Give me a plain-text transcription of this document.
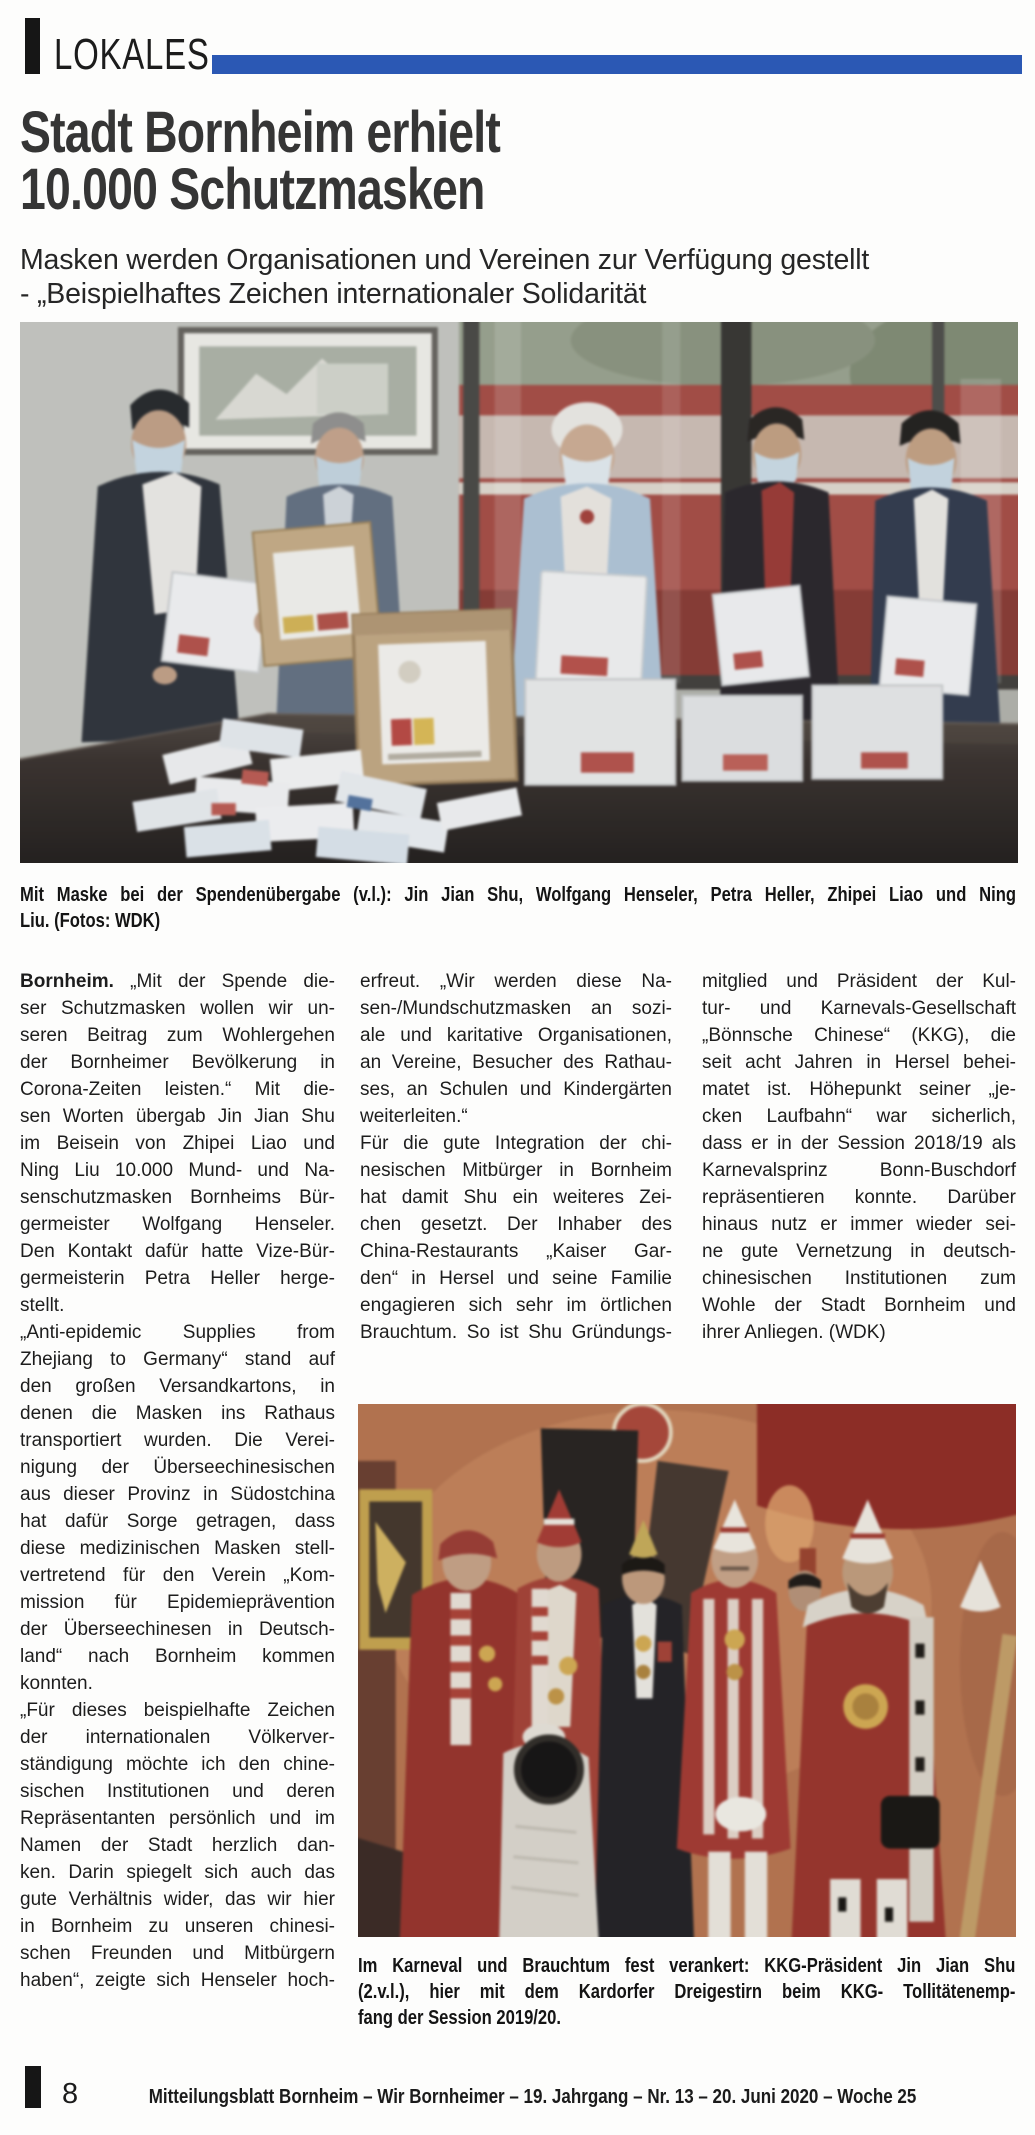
LOKALES
Stadt Bornheim erhielt
10.000 Schutzmasken
Masken werden Organisationen und Vereinen zur Verfügung gestellt
- „Beispielhaftes Zeichen internationaler Solidarität
Mit Maske bei der Spendenübergabe (v.l.): Jin Jian Shu, Wolfgang Henseler, Petra Heller, Zhipei Liao und Ning
Liu. (Fotos: WDK)
Bornheim. „Mit der Spende die-
ser Schutzmasken wollen wir un-
seren Beitrag zum Wohlergehen
der Bornheimer Bevölkerung in
Corona-Zeiten leisten.“ Mit die-
sen Worten übergab Jin Jian Shu
im Beisein von Zhipei Liao und
Ning Liu 10.000 Mund- und Na-
senschutzmasken Bornheims Bür-
germeister Wolfgang Henseler.
Den Kontakt dafür hatte Vize-Bür-
germeisterin Petra Heller herge-
stellt.
„Anti-epidemic Supplies from
Zhejiang to Germany“ stand auf
den großen Versandkartons, in
denen die Masken ins Rathaus
transportiert wurden. Die Verei-
nigung der Überseechinesischen
aus dieser Provinz in Südostchina
hat dafür Sorge getragen, dass
diese medizinischen Masken stell-
vertretend für den Verein „Kom-
mission für Epidemieprävention
der Überseechinesen in Deutsch-
land“ nach Bornheim kommen
konnten.
„Für dieses beispielhafte Zeichen
der internationalen Völkerver-
ständigung möchte ich den chine-
sischen Institutionen und deren
Repräsentanten persönlich und im
Namen der Stadt herzlich dan-
ken. Darin spiegelt sich auch das
gute Verhältnis wider, das wir hier
in Bornheim zu unseren chinesi-
schen Freunden und Mitbürgern
haben“, zeigte sich Henseler hoch-
erfreut. „Wir werden diese Na-
sen-/Mundschutzmasken an sozi-
ale und karitative Organisationen,
an Vereine, Besucher des Rathau-
ses, an Schulen und Kindergärten
weiterleiten.“
Für die gute Integration der chi-
nesischen Mitbürger in Bornheim
hat damit Shu ein weiteres Zei-
chen gesetzt. Der Inhaber des
China-Restaurants „Kaiser Gar-
den“ in Hersel und seine Familie
engagieren sich sehr im örtlichen
Brauchtum. So ist Shu Gründungs-
mitglied und Präsident der Kul-
tur- und Karnevals-Gesellschaft
„Bönnsche Chinese“ (KKG), die
seit acht Jahren in Hersel behei-
matet ist. Höhepunkt seiner „je-
cken Laufbahn“ war sicherlich,
dass er in der Session 2018/19 als
Karnevalsprinz Bonn-Buschdorf
repräsentieren konnte. Darüber
hinaus nutz er immer wieder sei-
ne gute Vernetzung in deutsch-
chinesischen Institutionen zum
Wohle der Stadt Bornheim und
ihrer Anliegen. (WDK)
Im Karneval und Brauchtum fest verankert: KKG-Präsident Jin Jian Shu
(2.v.l.), hier mit dem Kardorfer Dreigestirn beim KKG- Tollitätenemp-
fang der Session 2019/20.
8	Mitteilungsblatt Bornheim – Wir Bornheimer – 19. Jahrgang – Nr. 13 – 20. Juni 2020 – Woche 25
